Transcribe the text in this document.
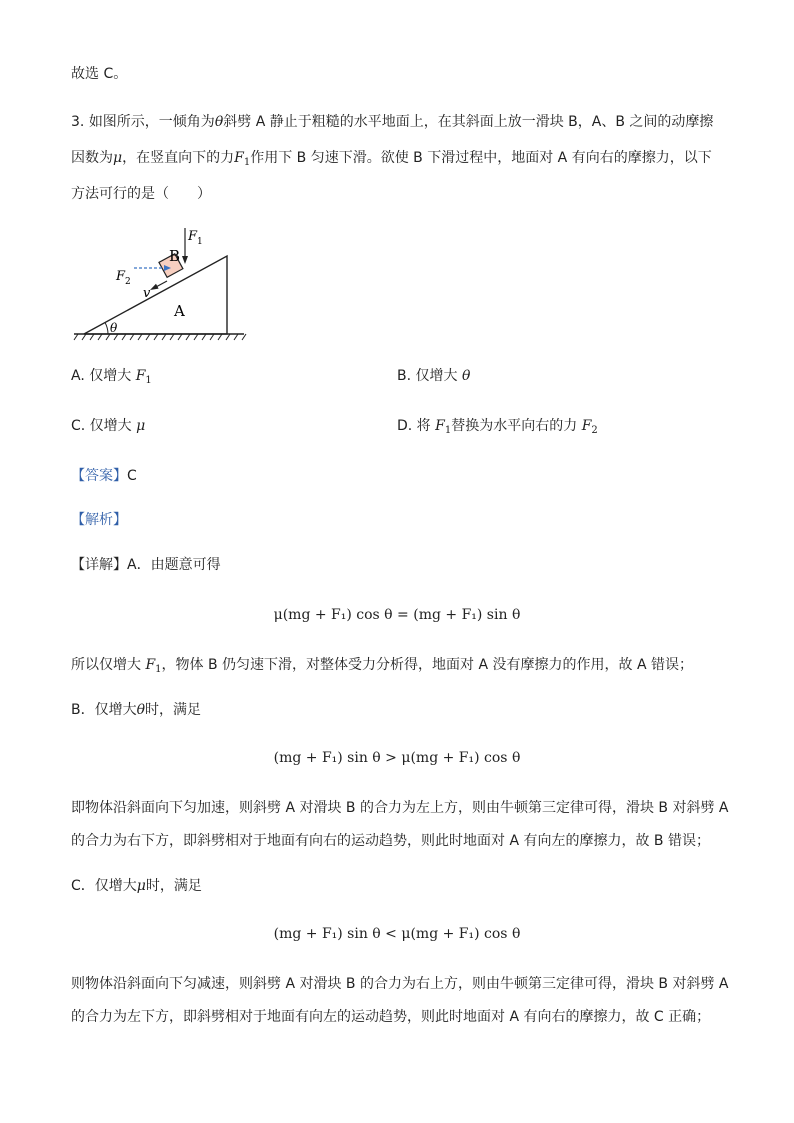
故选 C。
3. 如图所示，一倾角为θ斜劈 A 静止于粗糙的水平地面上，在其斜面上放一滑块 B，A、B 之间的动摩擦
因数为μ，在竖直向下的力$F_1$作用下 B 匀速下滑。欲使 B 下滑过程中，地面对 A 有向右的摩擦力，以下
方法可行的是（　　）
θ
A
B
F 1
F 2
v
A. 仅增大 $F_1$	B. 仅增大 θ
C. 仅增大 μ	D. 将 $F_1$替换为水平向右的力 $F_2$
【答案】C
【解析】
【详解】A．由题意可得
μ(mg + F₁) cos θ = (mg + F₁) sin θ
所以仅增大 $F_1$，物体 B 仍匀速下滑，对整体受力分析得，地面对 A 没有摩擦力的作用，故 A 错误；
B．仅增大θ时，满足
(mg + F₁) sin θ > μ(mg + F₁) cos θ
即物体沿斜面向下匀加速，则斜劈 A 对滑块 B 的合力为左上方，则由牛顿第三定律可得，滑块 B 对斜劈 A
的合力为右下方，即斜劈相对于地面有向右的运动趋势，则此时地面对 A 有向左的摩擦力，故 B 错误；
C．仅增大μ时，满足
(mg + F₁) sin θ < μ(mg + F₁) cos θ
则物体沿斜面向下匀减速，则斜劈 A 对滑块 B 的合力为右上方，则由牛顿第三定律可得，滑块 B 对斜劈 A
的合力为左下方，即斜劈相对于地面有向左的运动趋势，则此时地面对 A 有向右的摩擦力，故 C 正确；
